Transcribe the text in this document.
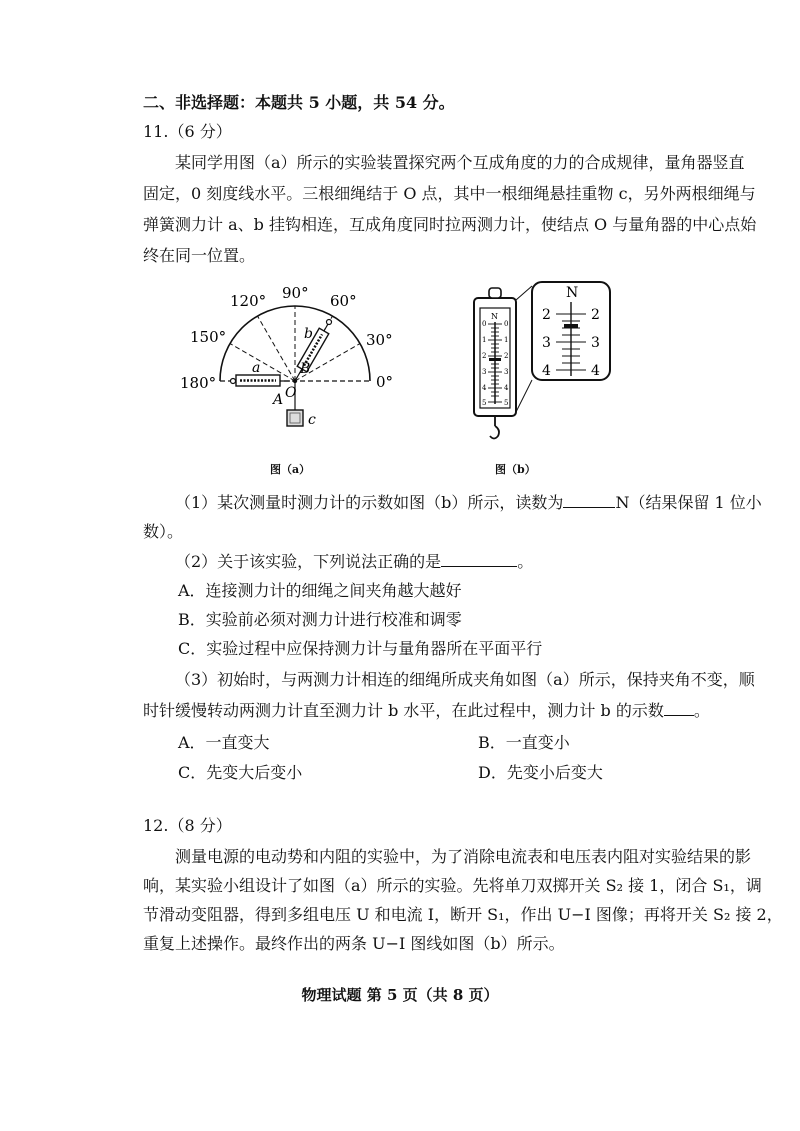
二、非选择题：本题共 5 小题，共 54 分。
11.（6 分）
某同学用图（a）所示的实验装置探究两个互成角度的力的合成规律，量角器竖直
固定，0 刻度线水平。三根细绳结于 O 点，其中一根细绳悬挂重物 c，另外两根细绳与
弹簧测力计 a、b 挂钩相连，互成角度同时拉两测力计，使结点 O 与量角器的中心点始
终在同一位置。
0°
30°
60°
90°
120°
150°
180°
A
B
O
a
b
c
图（a）
N
0
1
2
3
4
5
0
1
2
3
4
5
N
2
3
4
2
3
4
图（b）
（1）某次测量时测力计的示数如图（b）所示，读数为	N（结果保留 1 位小
数）。
（2）关于该实验，下列说法正确的是	。
A．连接测力计的细绳之间夹角越大越好
B．实验前必须对测力计进行校准和调零
C．实验过程中应保持测力计与量角器所在平面平行
（3）初始时，与两测力计相连的细绳所成夹角如图（a）所示，保持夹角不变，顺
时针缓慢转动两测力计直至测力计 b 水平，在此过程中，测力计 b 的示数 。
A．一直变大	B．一直变小
C．先变大后变小	D．先变小后变大
12.（8 分）
测量电源的电动势和内阻的实验中，为了消除电流表和电压表内阻对实验结果的影
响，某实验小组设计了如图（a）所示的实验。先将单刀双掷开关 S₂ 接 1，闭合 S₁，调
节滑动变阻器，得到多组电压 U 和电流 I，断开 S₁，作出 U−I 图像；再将开关 S₂ 接 2，
重复上述操作。最终作出的两条 U−I 图线如图（b）所示。
物理试题 第 5 页（共 8 页）
